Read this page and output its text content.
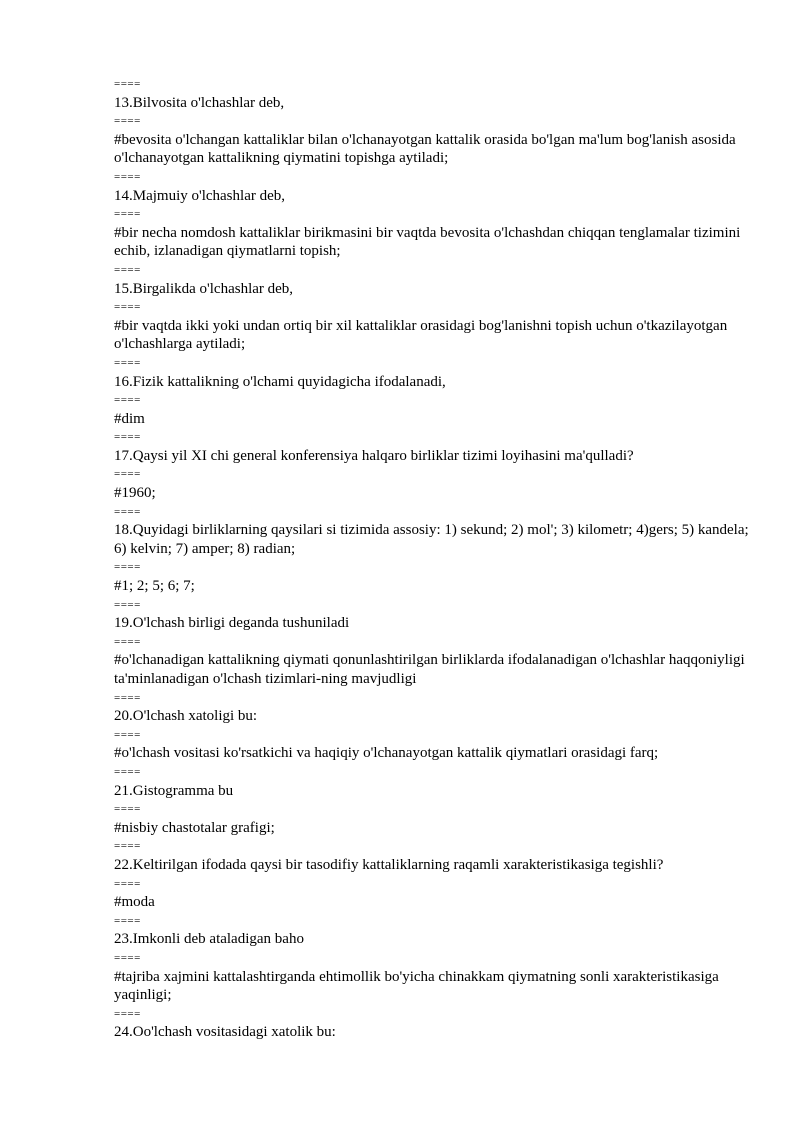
====
13.Bilvosita o'lchashlar deb,
====
#bevosita o'lchangan kattaliklar bilan o'lchanayotgan kattalik orasida bo'lgan ma'lum bog'lanish asosida o'lchanayotgan kattalikning qiymatini topishga aytiladi;
====
14.Majmuiy o'lchashlar deb,
====
#bir necha nomdosh kattaliklar birikmasini bir vaqtda bevosita o'lchashdan chiqqan tenglamalar tizimini echib, izlanadigan qiymatlarni topish;
====
15.Birgalikda o'lchashlar deb,
====
#bir vaqtda ikki yoki undan ortiq bir xil kattaliklar orasidagi bog'lanishni topish uchun o'tkazilayotgan o'lchashlarga aytiladi;
====
16.Fizik kattalikning o'lchami quyidagicha ifodalanadi,
====
#dim
====
17.Qaysi yil XI chi general konferensiya halqaro birliklar tizimi loyihasini ma'qulladi?
====
#1960;
====
18.Quyidagi birliklarning qaysilari si tizimida assosiy: 1) sekund; 2) mol'; 3) kilometr; 4)gers; 5) kandela; 6) kelvin; 7) amper; 8) radian;
====
#1; 2; 5; 6; 7;
====
19.O'lchash birligi deganda tushuniladi
====
#o'lchanadigan kattalikning qiymati qonunlashtirilgan birliklarda ifodalanadigan o'lchashlar haqqoniyligi ta'minlanadigan o'lchash tizimlari-ning mavjudligi
====
20.O'lchash xatoligi bu:
====
#o'lchash vositasi ko'rsatkichi va haqiqiy o'lchanayotgan kattalik qiymatlari orasidagi farq;
====
21.Gistogramma bu
====
#nisbiy chastotalar grafigi;
====
22.Keltirilgan ifodada qaysi bir tasodifiy kattaliklarning raqamli xarakteristikasiga tegishli?
====
#moda
====
23.Imkonli deb ataladigan baho
====
#tajriba xajmini kattalashtirganda ehtimollik bo'yicha chinakkam qiymatning sonli xarakteristikasiga yaqinligi;
====
24.Oo'lchash vositasidagi xatolik bu:
